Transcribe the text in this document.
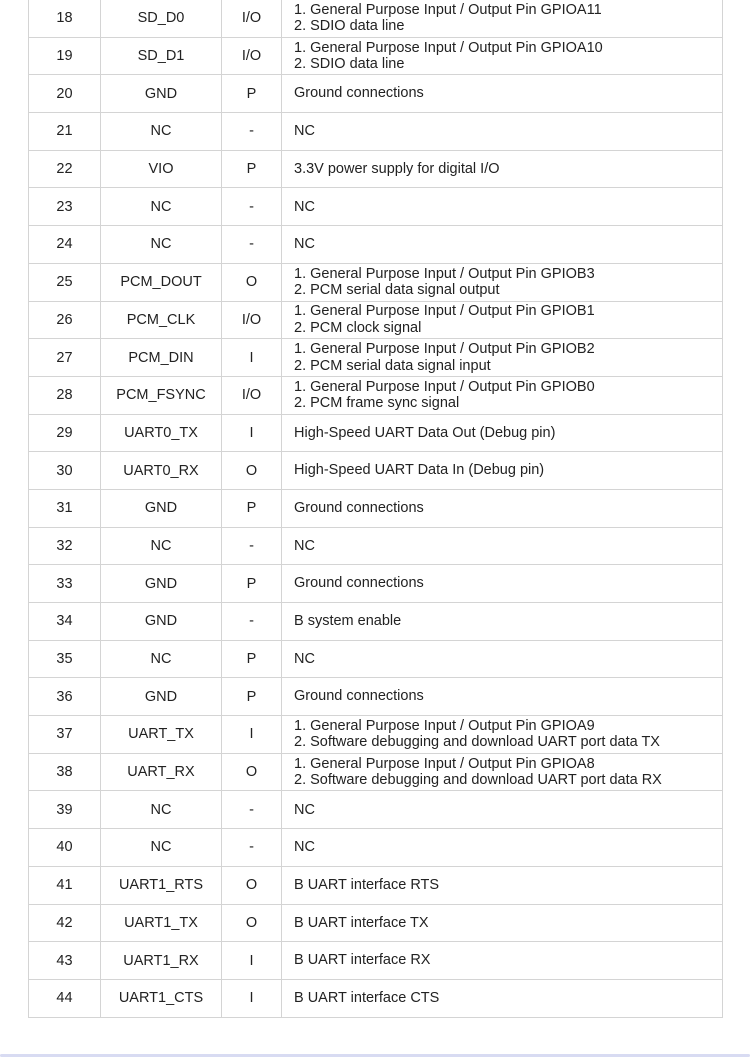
18	SD_D0	I/O	1. General Purpose Input / Output Pin GPIOA11
2. SDIO data line

19	SD_D1	I/O	1. General Purpose Input / Output Pin GPIOA10
2. SDIO data line

20	GND	P	Ground connections

21	NC	-	NC

22	VIO	P	3.3V power supply for digital I/O

23	NC	-	NC

24	NC	-	NC

25	PCM_DOUT	O	1. General Purpose Input / Output Pin GPIOB3
2. PCM serial data signal output

26	PCM_CLK	I/O	1. General Purpose Input / Output Pin GPIOB1
2. PCM clock signal

27	PCM_DIN	I	1. General Purpose Input / Output Pin GPIOB2
2. PCM serial data signal input

28	PCM_FSYNC	I/O	1. General Purpose Input / Output Pin GPIOB0
2. PCM frame sync signal

29	UART0_TX	I	High-Speed UART Data Out (Debug pin)

30	UART0_RX	O	High-Speed UART Data In (Debug pin)

31	GND	P	Ground connections

32	NC	-	NC

33	GND	P	Ground connections

34	GND	-	B system enable

35	NC	P	NC

36	GND	P	Ground connections

37	UART_TX	I	1. General Purpose Input / Output Pin GPIOA9
2. Software debugging and download UART port data TX

38	UART_RX	O	1. General Purpose Input / Output Pin GPIOA8
2. Software debugging and download UART port data RX

39	NC	-	NC

40	NC	-	NC

41	UART1_RTS	O	B UART interface RTS

42	UART1_TX	O	B UART interface TX

43	UART1_RX	I	B UART interface RX

44	UART1_CTS	I	B UART interface CTS
